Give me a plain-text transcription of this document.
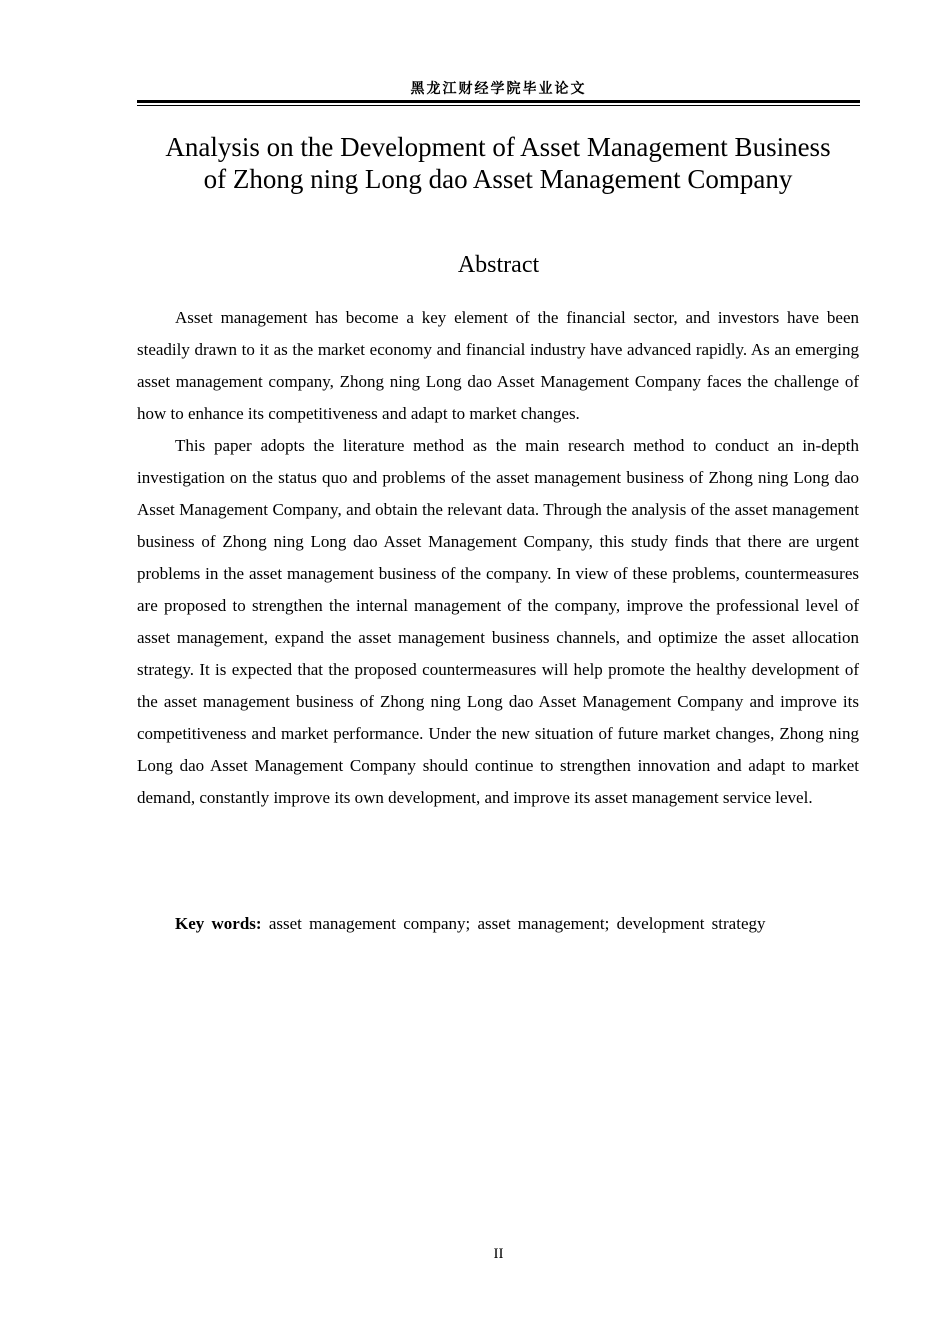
黑龙江财经学院毕业论文
Analysis on the Development of Asset Management Business of Zhong ning Long dao Asset Management Company
Abstract

Asset management has become a key element of the financial sector, and investors have been steadily drawn to it as the market economy and financial industry have advanced rapidly. As an emerging asset management company, Zhong ning Long dao Asset Management Company faces the challenge of how to enhance its competitiveness and adapt to market changes.

This paper adopts the literature method as the main research method to conduct an in-depth investigation on the status quo and problems of the asset management business of Zhong ning Long dao Asset Management Company, and obtain the relevant data. Through the analysis of the asset management business of Zhong ning Long dao Asset Management Company, this study finds that there are urgent problems in the asset management business of the company. In view of these problems, countermeasures are proposed to strengthen the internal management of the company, improve the professional level of asset management, expand the asset management business channels, and optimize the asset allocation strategy. It is expected that the proposed countermeasures will help promote the healthy development of the asset management business of Zhong ning Long dao Asset Management Company and improve its competitiveness and market performance. Under the new situation of future market changes, Zhong ning Long dao Asset Management Company should continue to strengthen innovation and adapt to market demand, constantly improve its own development, and improve its asset management service level.

Key words: asset management company; asset management; development strategy
II
